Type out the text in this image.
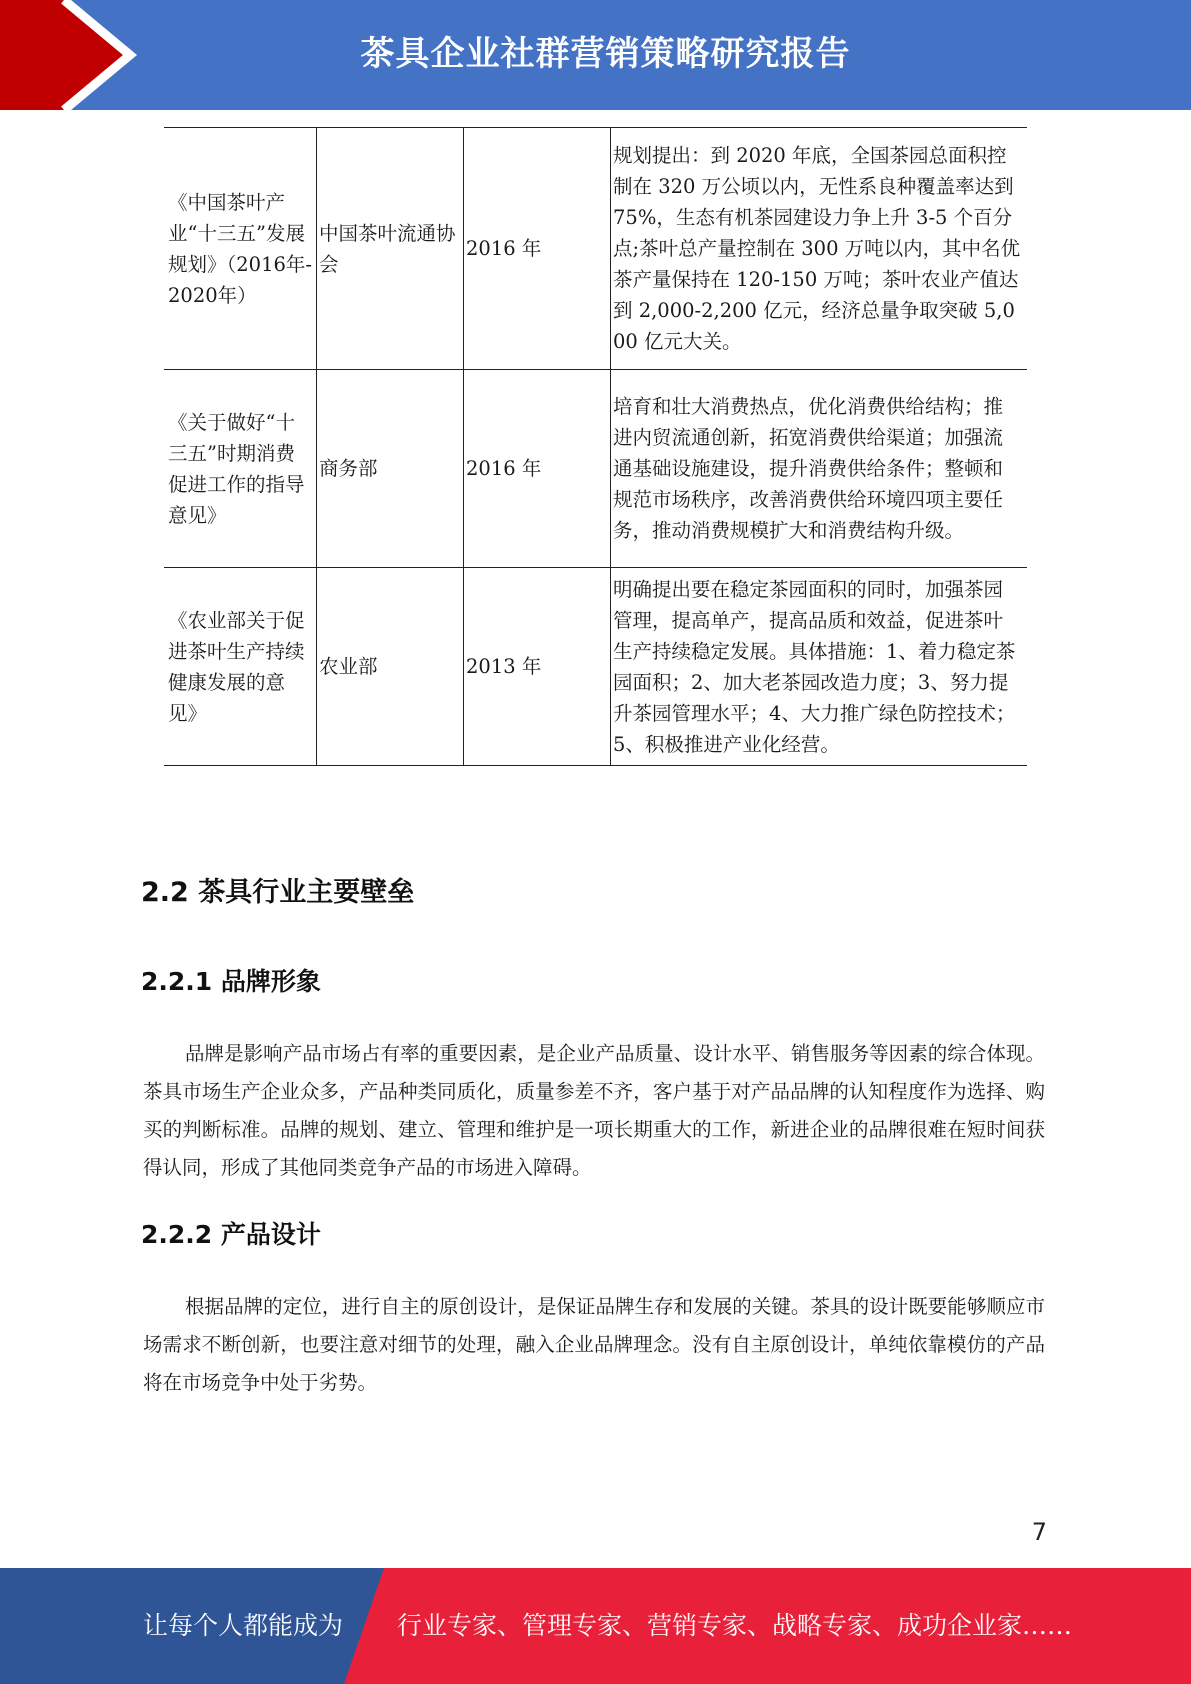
茶具企业社群营销策略研究报告
《中国茶叶产业“十三五”发展规划》（2016年-2020年）	中国茶叶流通协会	2016 年	规划提出：到 2020 年底，全国茶园总面积控制在 320 万公顷以内，无性系良种覆盖率达到 75%，生态有机茶园建设力争上升 3-5 个百分点;茶叶总产量控制在 300 万吨以内，其中名优茶产量保持在 120-150 万吨；茶叶农业产值达到 2,000-2,200 亿元，经济总量争取突破 5,000 亿元大关。
《关于做好“十三五”时期消费促进工作的指导意见》	商务部	2016 年	培育和壮大消费热点，优化消费供给结构；推进内贸流通创新，拓宽消费供给渠道；加强流通基础设施建设，提升消费供给条件；整顿和规范市场秩序，改善消费供给环境四项主要任务，推动消费规模扩大和消费结构升级。
《农业部关于促进茶叶生产持续健康发展的意见》	农业部	2013 年	明确提出要在稳定茶园面积的同时，加强茶园管理，提高单产，提高品质和效益，促进茶叶生产持续稳定发展。具体措施：1、着力稳定茶园面积；2、加大老茶园改造力度；3、努力提升茶园管理水平；4、大力推广绿色防控技术；5、积极推进产业化经营。
2.2 茶具行业主要壁垒
2.2.1 品牌形象
品牌是影响产品市场占有率的重要因素，是企业产品质量、设计水平、销售服务等因素的综合体现。茶具市场生产企业众多，产品种类同质化，质量参差不齐，客户基于对产品品牌的认知程度作为选择、购买的判断标准。品牌的规划、建立、管理和维护是一项长期重大的工作，新进企业的品牌很难在短时间获得认同，形成了其他同类竞争产品的市场进入障碍。
2.2.2 产品设计
根据品牌的定位，进行自主的原创设计，是保证品牌生存和发展的关键。茶具的设计既要能够顺应市场需求不断创新，也要注意对细节的处理，融入企业品牌理念。没有自主原创设计，单纯依靠模仿的产品将在市场竞争中处于劣势。
7
让每个人都能成为 行业专家、管理专家、营销专家、战略专家、成功企业家……
